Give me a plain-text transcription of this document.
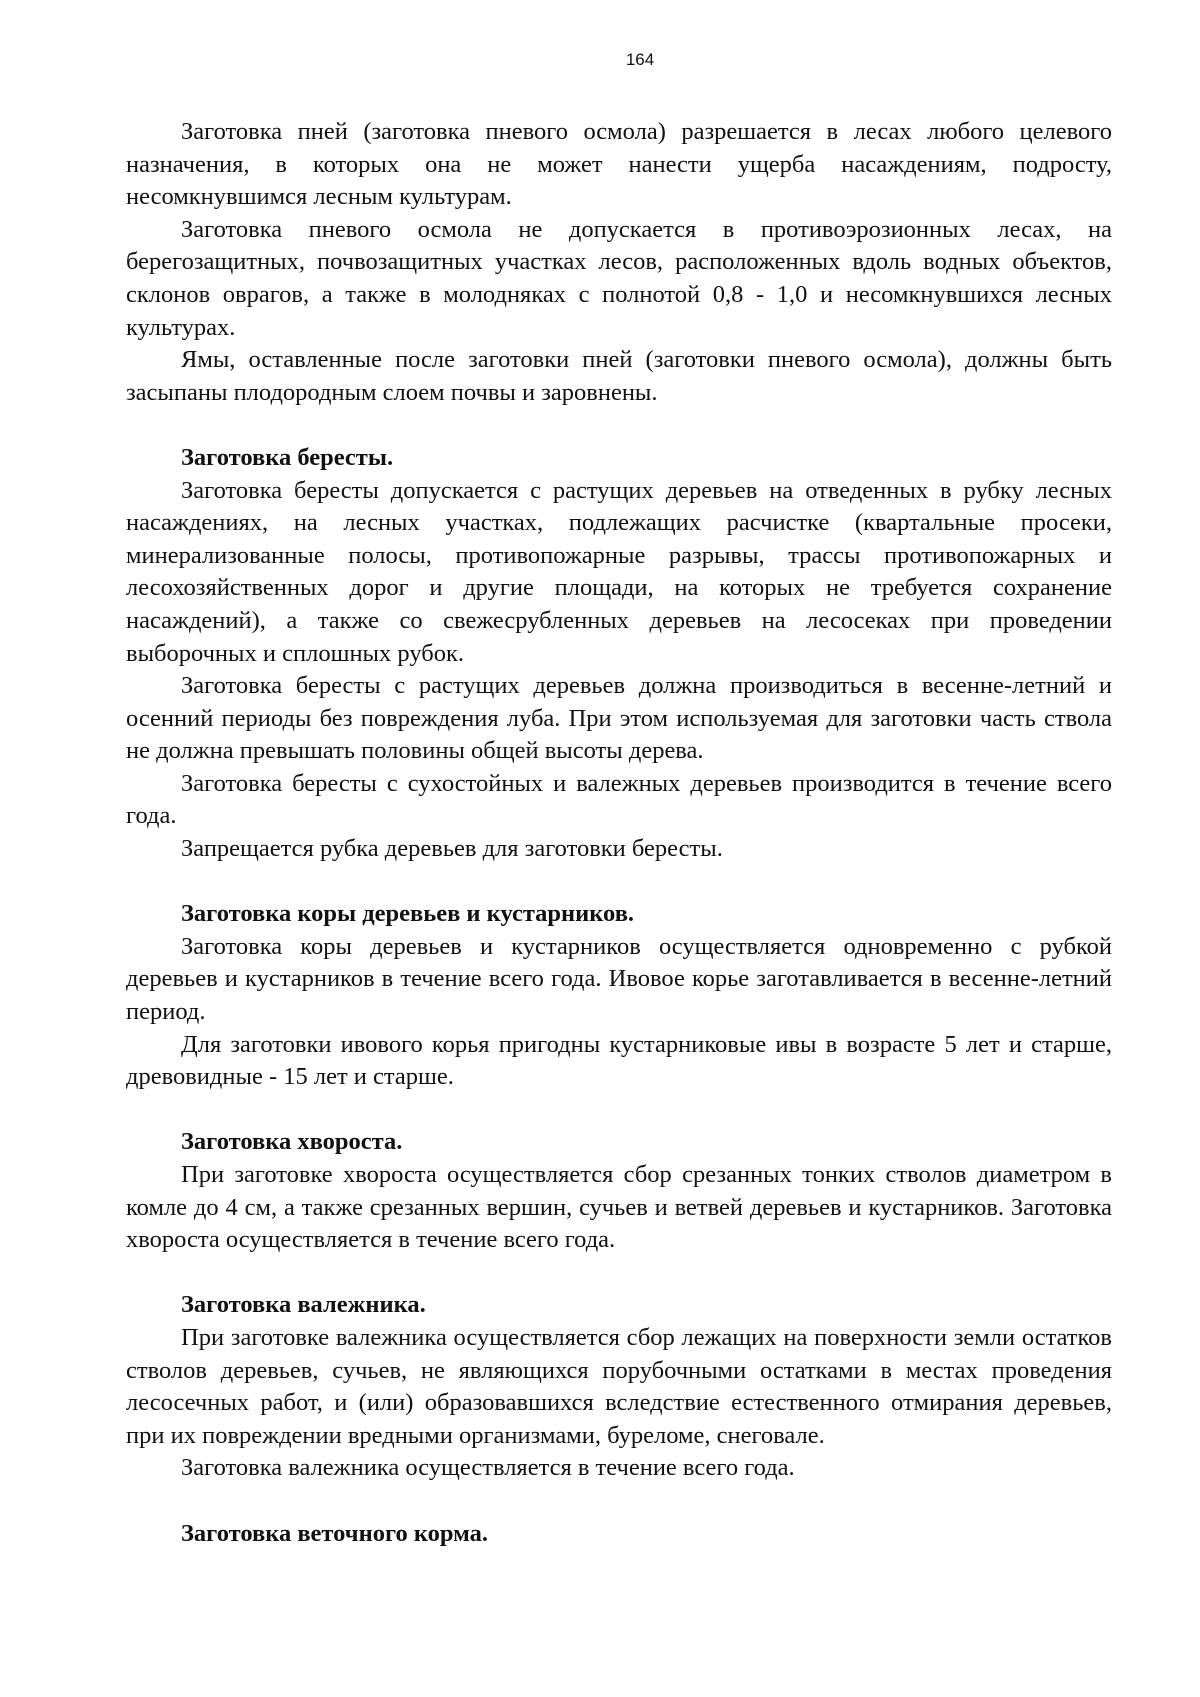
164

Заготовка пней (заготовка пневого осмола) разрешается в лесах любого целевого назначения, в которых она не может нанести ущерба насаждениям, подросту, несомкнувшимся лесным культурам.

Заготовка пневого осмола не допускается в противоэрозионных лесах, на берегозащитных, почвозащитных участках лесов, расположенных вдоль водных объектов, склонов оврагов, а также в молодняках с полнотой 0,8 - 1,0 и несомкнувшихся лесных культурах.

Ямы, оставленные после заготовки пней (заготовки пневого осмола), должны быть засыпаны плодородным слоем почвы и заровнены.

Заготовка бересты.

Заготовка бересты допускается с растущих деревьев на отведенных в рубку лесных насаждениях, на лесных участках, подлежащих расчистке (квартальные просеки, минерализованные полосы, противопожарные разрывы, трассы противопожарных и лесохозяйственных дорог и другие площади, на которых не требуется сохранение насаждений), а также со свежесрубленных деревьев на лесосеках при проведении выборочных и сплошных рубок.

Заготовка бересты с растущих деревьев должна производиться в весенне-летний и осенний периоды без повреждения луба. При этом используемая для заготовки часть ствола не должна превышать половины общей высоты дерева.

Заготовка бересты с сухостойных и валежных деревьев производится в течение всего года.

Запрещается рубка деревьев для заготовки бересты.

Заготовка коры деревьев и кустарников.

Заготовка коры деревьев и кустарников осуществляется одновременно с рубкой деревьев и кустарников в течение всего года. Ивовое корье заготавливается в весенне-летний период.

Для заготовки ивового корья пригодны кустарниковые ивы в возрасте 5 лет и старше, древовидные - 15 лет и старше.

Заготовка хвороста.

При заготовке хвороста осуществляется сбор срезанных тонких стволов диаметром в комле до 4 см, а также срезанных вершин, сучьев и ветвей деревьев и кустарников. Заготовка хвороста осуществляется в течение всего года.

Заготовка валежника.

При заготовке валежника осуществляется сбор лежащих на поверхности земли остатков стволов деревьев, сучьев, не являющихся порубочными остатками в местах проведения лесосечных работ, и (или) образовавшихся вследствие естественного отмирания деревьев, при их повреждении вредными организмами, буреломе, снеговале.

Заготовка валежника осуществляется в течение всего года.

Заготовка веточного корма.
